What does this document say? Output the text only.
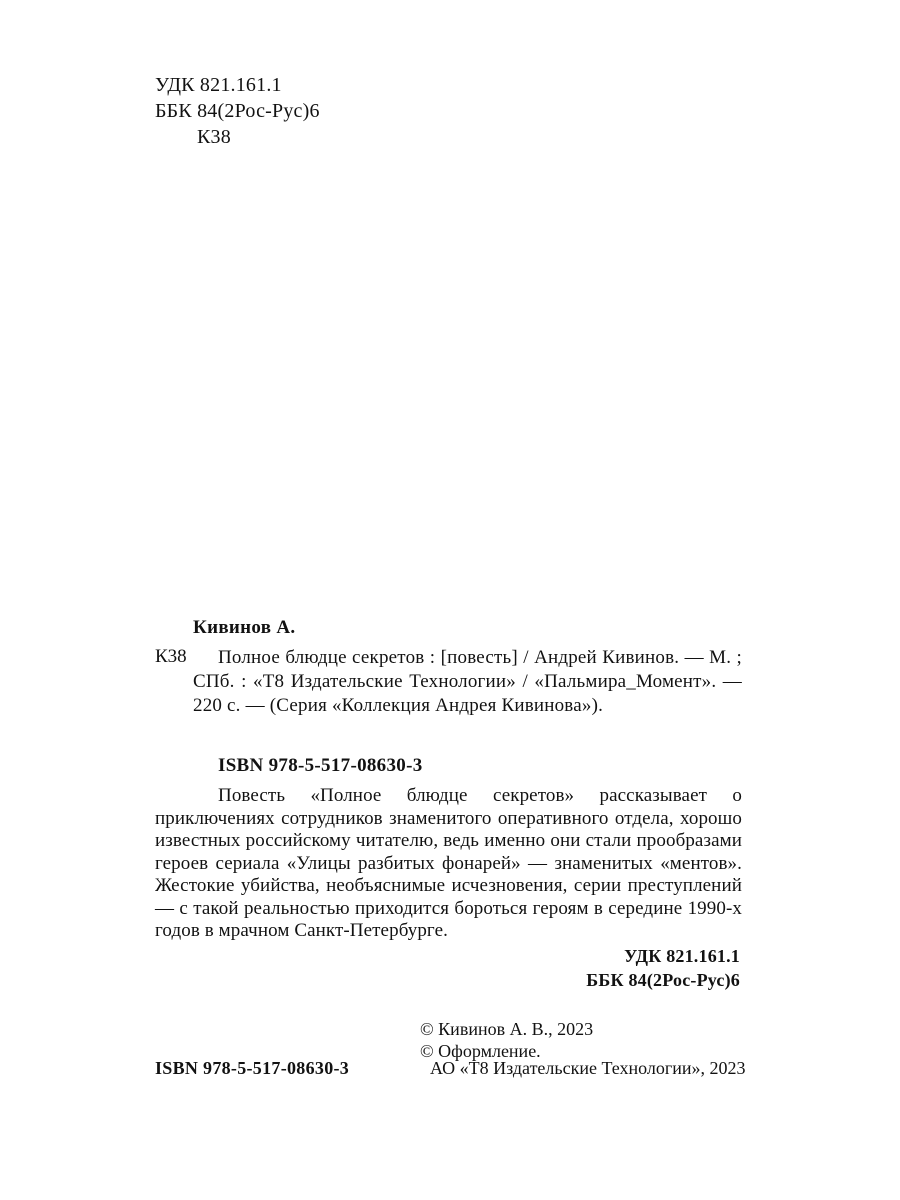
УДК 821.161.1
ББК 84(2Рос-Рус)6
К38
Кивинов А.
К38	Полное блюдце секретов : [повесть] / Андрей Кивинов. — М. ; СПб. : «Т8 Издательские Технологии» / «Пальмира_Момент». — 220 с. — (Серия «Коллекция Андрея Кивинова»).
ISBN 978-5-517-08630-3
Повесть «Полное блюдце секретов» рассказывает о приключениях сотрудников знаменитого оперативного отдела, хорошо известных российскому читателю, ведь именно они стали прообразами героев сериала «Улицы разбитых фонарей» — знаменитых «ментов». Жестокие убийства, необъяснимые исчезновения, серии преступлений — с такой реальностью приходится бороться героям в середине 1990-х годов в мрачном Санкт-Петербурге.
УДК 821.161.1
ББК 84(2Рос-Рус)6
© Кивинов А. В., 2023
© Оформление.
ISBN 978-5-517-08630-3	АО «Т8 Издательские Технологии», 2023
